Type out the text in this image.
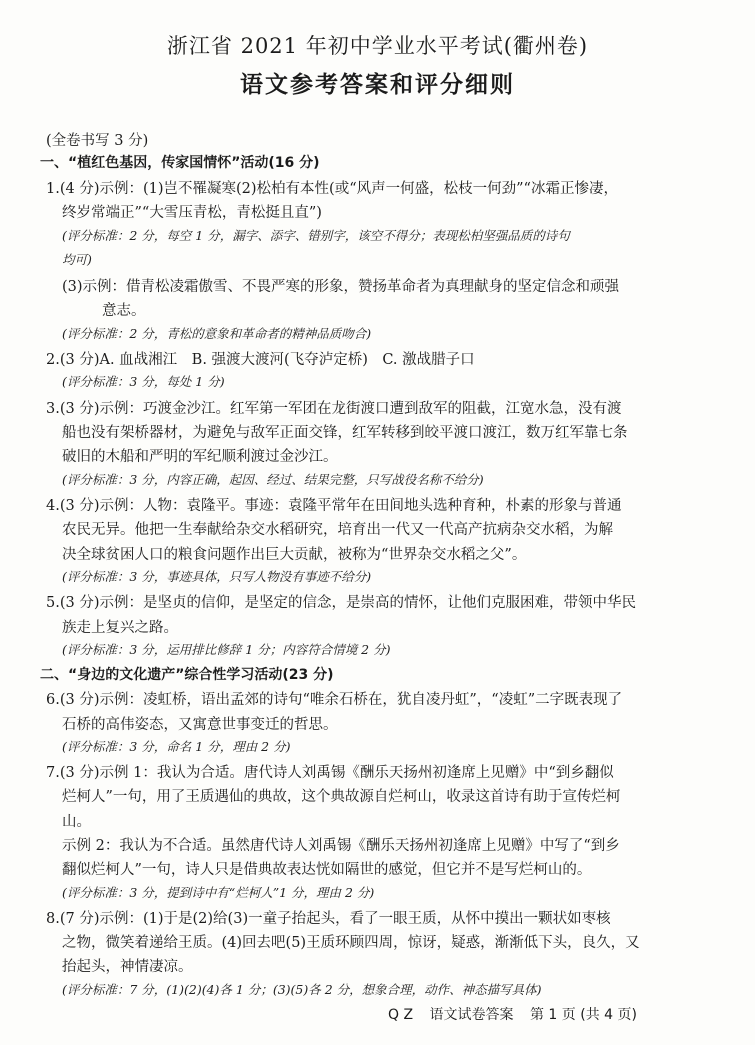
浙江省 2021 年初中学业水平考试(衢州卷)
语文参考答案和评分细则
(全卷书写 3 分)
一、“植红色基因，传家国情怀”活动(16 分)
1.(4 分)示例：(1)岂不罹凝寒(2)松柏有本性(或“风声一何盛，松枝一何劲”“冰霜正惨凄，
终岁常端正”“大雪压青松，青松挺且直”)
(评分标准：2 分，每空 1 分，漏字、添字、错别字，该空不得分；表现松柏坚强品质的诗句
均可)
(3)示例：借青松凌霜傲雪、不畏严寒的形象，赞扬革命者为真理献身的坚定信念和顽强
意志。
(评分标准：2 分，青松的意象和革命者的精神品质吻合)
2.(3 分)A. 血战湘江　B. 强渡大渡河(飞夺泸定桥)　C. 激战腊子口
(评分标准：3 分，每处 1 分)
3.(3 分)示例：巧渡金沙江。红军第一军团在龙街渡口遭到敌军的阻截，江宽水急，没有渡
船也没有架桥器材，为避免与敌军正面交锋，红军转移到皎平渡口渡江，数万红军靠七条
破旧的木船和严明的军纪顺利渡过金沙江。
(评分标准：3 分，内容正确，起因、经过、结果完整，只写战役名称不给分)
4.(3 分)示例：人物：袁隆平。事迹：袁隆平常年在田间地头选种育种，朴素的形象与普通
农民无异。他把一生奉献给杂交水稻研究，培育出一代又一代高产抗病杂交水稻，为解
决全球贫困人口的粮食问题作出巨大贡献，被称为“世界杂交水稻之父”。
(评分标准：3 分，事迹具体，只写人物没有事迹不给分)
5.(3 分)示例：是坚贞的信仰，是坚定的信念，是崇高的情怀，让他们克服困难，带领中华民
族走上复兴之路。
(评分标准：3 分，运用排比修辞 1 分；内容符合情境 2 分)
二、“身边的文化遗产”综合性学习活动(23 分)
6.(3 分)示例：凌虹桥，语出孟郊的诗句“唯余石桥在，犹自凌丹虹”，“凌虹”二字既表现了
石桥的高伟姿态，又寓意世事变迁的哲思。
(评分标准：3 分，命名 1 分，理由 2 分)
7.(3 分)示例 1：我认为合适。唐代诗人刘禹锡《酬乐天扬州初逢席上见赠》中“到乡翻似
烂柯人”一句，用了王质遇仙的典故，这个典故源自烂柯山，收录这首诗有助于宣传烂柯
山。
示例 2：我认为不合适。虽然唐代诗人刘禹锡《酬乐天扬州初逢席上见赠》中写了“到乡
翻似烂柯人”一句，诗人只是借典故表达恍如隔世的感觉，但它并不是写烂柯山的。
(评分标准：3 分，提到诗中有“烂柯人”1 分，理由 2 分)
8.(7 分)示例：(1)于是(2)给(3)一童子抬起头，看了一眼王质，从怀中摸出一颗状如枣核
之物，微笑着递给王质。(4)回去吧(5)王质环顾四周，惊讶，疑惑，渐渐低下头，良久，又
抬起头，神情凄凉。
(评分标准：7 分，(1)(2)(4)各 1 分；(3)(5)各 2 分，想象合理，动作、神态描写具体)
Q Z 语文试卷答案 第 1 页 (共 4 页)
